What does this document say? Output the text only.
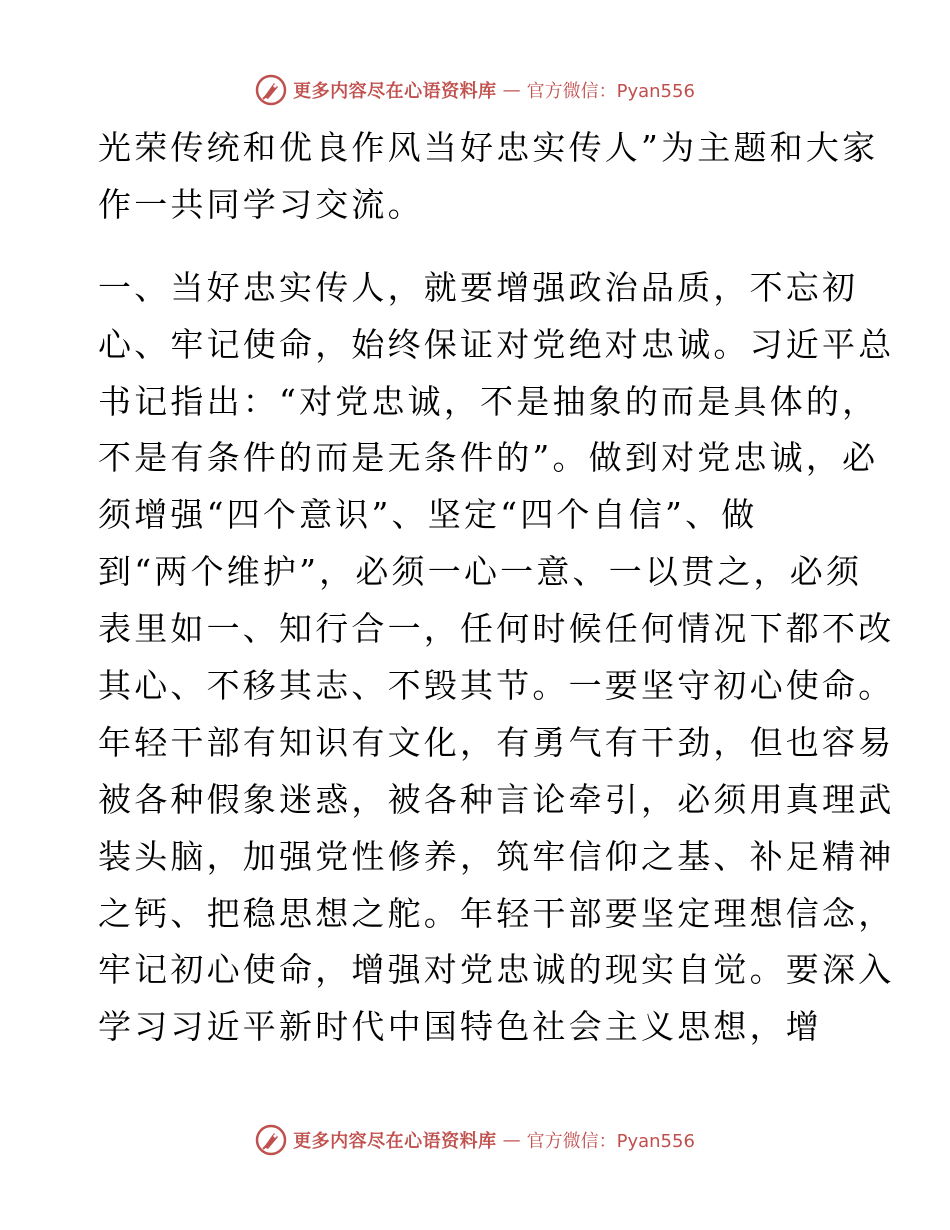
更多内容尽在心语资料库 — 官方微信：Pyan556
光荣传统和优良作风当好忠实传人”为主题和大家
作一共同学习交流。
一、当好忠实传人，就要增强政治品质，不忘初
心、牢记使命，始终保证对党绝对忠诚。习近平总
书记指出：“对党忠诚，不是抽象的而是具体的，
不是有条件的而是无条件的”。做到对党忠诚，必
须增强“四个意识”、坚定“四个自信”、做
到“两个维护”，必须一心一意、一以贯之，必须
表里如一、知行合一，任何时候任何情况下都不改
其心、不移其志、不毁其节。一要坚守初心使命。
年轻干部有知识有文化，有勇气有干劲，但也容易
被各种假象迷惑，被各种言论牵引，必须用真理武
装头脑，加强党性修养，筑牢信仰之基、补足精神
之钙、把稳思想之舵。年轻干部要坚定理想信念，
牢记初心使命，增强对党忠诚的现实自觉。要深入
学习习近平新时代中国特色社会主义思想，增
更多内容尽在心语资料库 — 官方微信：Pyan556
